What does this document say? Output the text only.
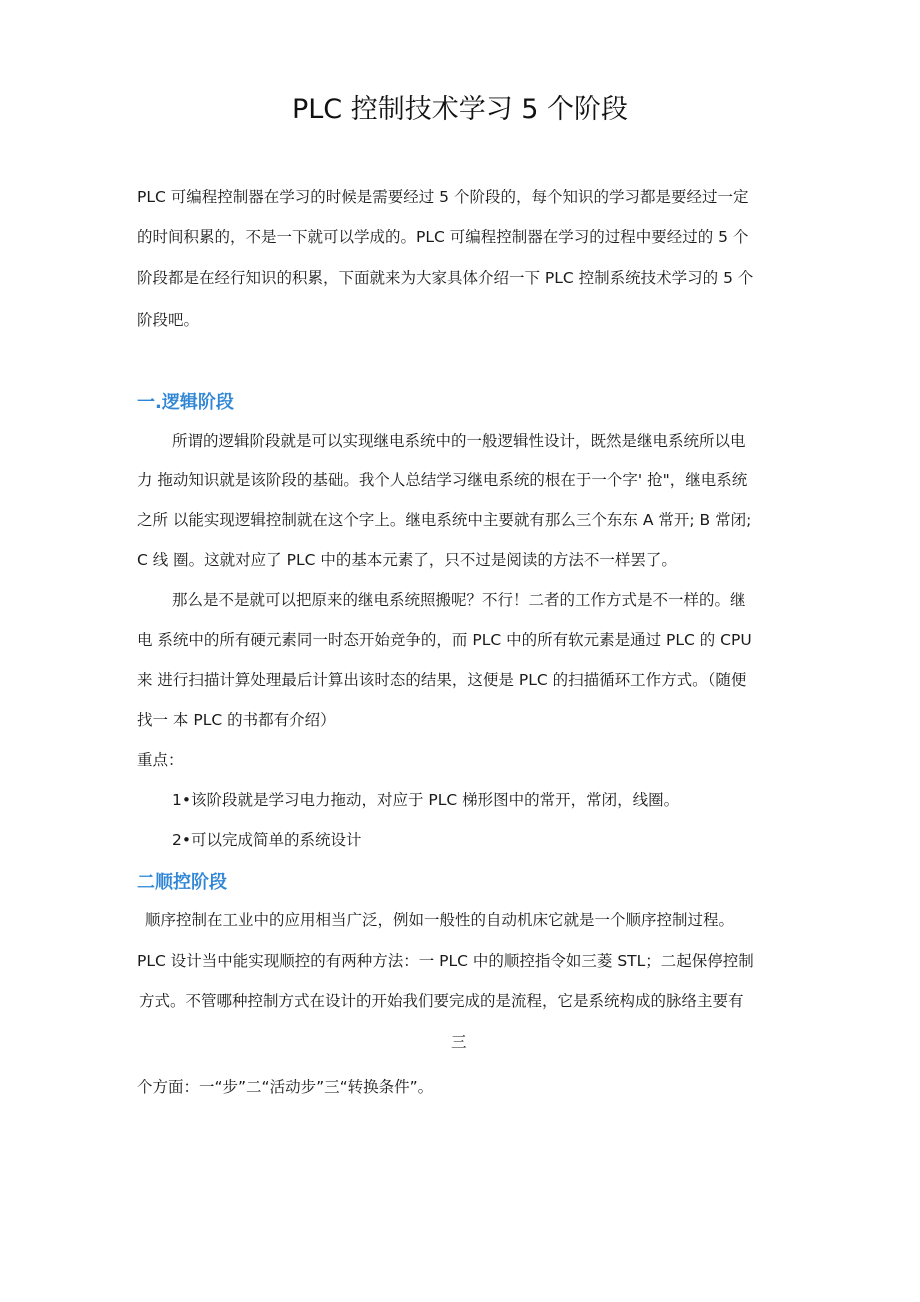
PLC 控制技术学习 5 个阶段
PLC 可编程控制器在学习的时候是需要经过 5 个阶段的，每个知识的学习都是要经过一定
的时间积累的，不是一下就可以学成的。PLC 可编程控制器在学习的过程中要经过的 5 个
阶段都是在经行知识的积累，下面就来为大家具体介绍一下 PLC 控制系统技术学习的 5 个
阶段吧。
一.逻辑阶段
所谓的逻辑阶段就是可以实现继电系统中的一般逻辑性设计，既然是继电系统所以电
力 拖动知识就是该阶段的基础。我个人总结学习继电系统的根在于一个字' 抢"，继电系统
之所 以能实现逻辑控制就在这个字上。继电系统中主要就有那么三个东东 A 常开; B 常闭;
C 线 圈。这就对应了 PLC 中的基本元素了，只不过是阅读的方法不一样罢了。
那么是不是就可以把原来的继电系统照搬呢？不行！二者的工作方式是不一样的。继
电 系统中的所有硬元素同一时态开始竞争的，而 PLC 中的所有软元素是通过 PLC 的 CPU
来 进行扫描计算处理最后计算出该时态的结果，这便是 PLC 的扫描循环工作方式。（随便
找一 本 PLC 的书都有介绍）
重点：
1•该阶段就是学习电力拖动，对应于 PLC 梯形图中的常开，常闭，线圈。
2•可以完成简单的系统设计
二顺控阶段
顺序控制在工业中的应用相当广泛，例如一般性的自动机床它就是一个顺序控制过程。
PLC 设计当中能实现顺控的有两种方法：一 PLC 中的顺控指令如三菱 STL；二起保停控制
方式。不管哪种控制方式在设计的开始我们要完成的是流程，它是系统构成的脉络主要有
三
个方面：一“步”二“活动步”三“转换条件”。
